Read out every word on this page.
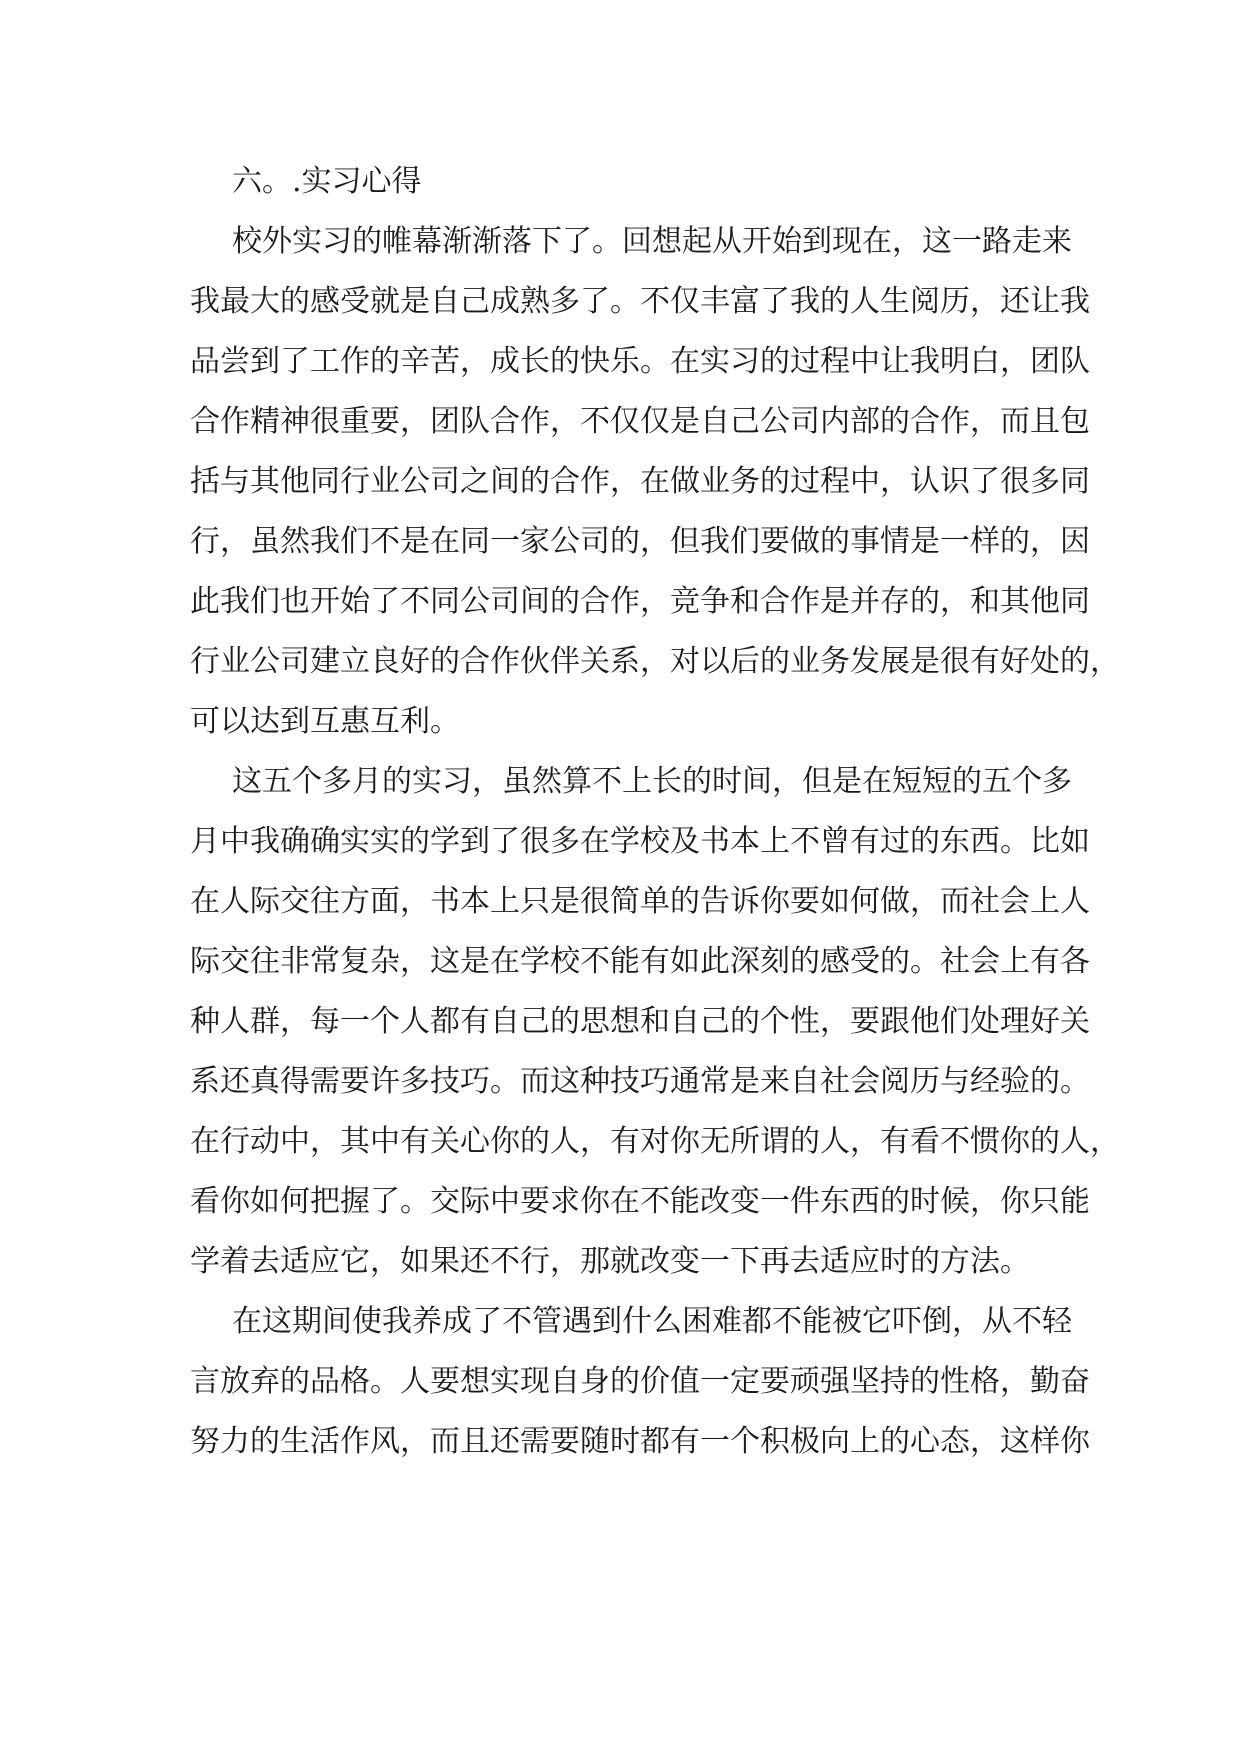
六。.实习心得
校外实习的帷幕渐渐落下了。回想起从开始到现在，这一路走来
我最大的感受就是自己成熟多了。不仅丰富了我的人生阅历，还让我
品尝到了工作的辛苦，成长的快乐。在实习的过程中让我明白，团队
合作精神很重要，团队合作，不仅仅是自己公司内部的合作，而且包
括与其他同行业公司之间的合作，在做业务的过程中，认识了很多同
行，虽然我们不是在同一家公司的，但我们要做的事情是一样的，因
此我们也开始了不同公司间的合作，竞争和合作是并存的，和其他同
行业公司建立良好的合作伙伴关系，对以后的业务发展是很有好处的，
可以达到互惠互利。
这五个多月的实习，虽然算不上长的时间，但是在短短的五个多
月中我确确实实的学到了很多在学校及书本上不曾有过的东西。比如
在人际交往方面，书本上只是很简单的告诉你要如何做，而社会上人
际交往非常复杂，这是在学校不能有如此深刻的感受的。社会上有各
种人群，每一个人都有自己的思想和自己的个性，要跟他们处理好关
系还真得需要许多技巧。而这种技巧通常是来自社会阅历与经验的。
在行动中，其中有关心你的人，有对你无所谓的人，有看不惯你的人，
看你如何把握了。交际中要求你在不能改变一件东西的时候，你只能
学着去适应它，如果还不行，那就改变一下再去适应时的方法。
在这期间使我养成了不管遇到什么困难都不能被它吓倒，从不轻
言放弃的品格。人要想实现自身的价值一定要顽强坚持的性格，勤奋
努力的生活作风，而且还需要随时都有一个积极向上的心态，这样你
